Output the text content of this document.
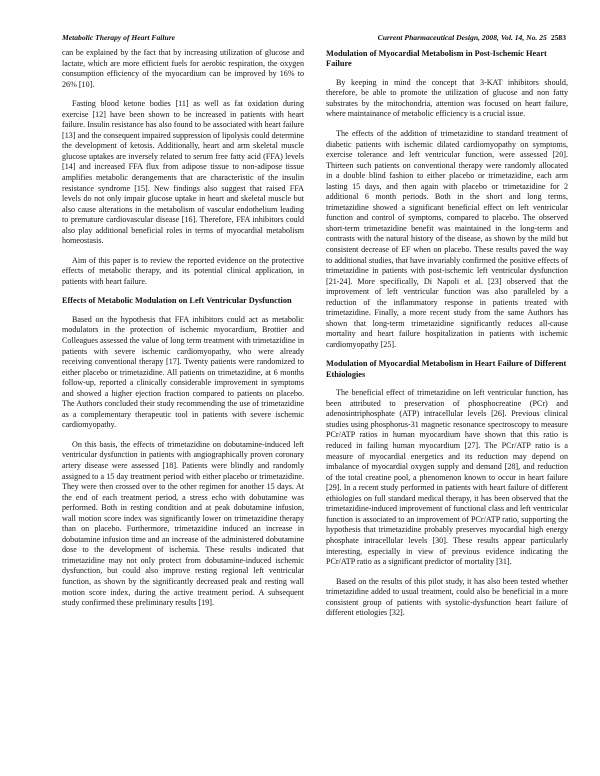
Metabolic Therapy of Heart Failure	Current Pharmaceutical Design, 2008, Vol. 14, No. 25 2583

can be explained by the fact that by increasing utilization of glucose and lactate, which are more efficient fuels for aerobic respiration, the oxygen consumption efficiency of the myocardium can be improved by 16% to 26% [10].

Fasting blood ketone bodies [11] as well as fat oxidation during exercise [12] have been shown to be increased in patients with heart failure. Insulin resistance has also found to be associated with heart failure [13] and the consequent impaired suppression of lipolysis could determine the development of ketosis. Additionally, heart and arm skeletal muscle glucose uptakes are inversely related to serum free fatty acid (FFA) levels [14] and increased FFA flux from adipose tissue to non-adipose tissue amplifies metabolic derangements that are characteristic of the insulin resistance syndrome [15]. New findings also suggest that raised FFA levels do not only impair glucose uptake in heart and skeletal muscle but also cause alterations in the metabolism of vascular endothelium leading to premature cardiovascular disease [16]. Therefore, FFA inhibitors could also play additional beneficial roles in terms of myocardial metabolism homeostasis.

Aim of this paper is to review the reported evidence on the protective effects of metabolic therapy, and its potential clinical application, in patients with heart failure.

Effects of Metabolic Modulation on Left Ventricular Dysfunction

Based on the hypothesis that FFA inhibitors could act as metabolic modulators in the protection of ischemic myocardium, Brottier and Colleagues assessed the value of long term treatment with trimetazidine in patients with severe ischemic cardiomyopathy, who were already receiving conventional therapy [17]. Twenty patients were randomized to either placebo or trimetazidine. All patients on trimetazidine, at 6 months follow-up, reported a clinically considerable improvement in symptoms and showed a higher ejection fraction compared to patients on placebo. The Authors concluded their study recommending the use of trimetazidine as a complementary therapeutic tool in patients with severe ischemic cardiomyopathy.

On this basis, the effects of trimetazidine on dobutamine-induced left ventricular dysfunction in patients with angiographically proven coronary artery disease were assessed [18]. Patients were blindly and randomly assigned to a 15 day treatment period with either placebo or trimetazidine. They were then crossed over to the other regimen for another 15 days. At the end of each treatment period, a stress echo with dobutamine was performed. Both in resting condition and at peak dobutamine infusion, wall motion score index was significantly lower on trimetazidine therapy than on placebo. Furthermore, trimetazidine induced an increase in dobutamine infusion time and an increase of the administered dobutamine dose to the development of ischemia. These results indicated that trimetazidine may not only protect from dobutamine-induced ischemic dysfunction, but could also improve resting regional left ventricular function, as shown by the significantly decreased peak and resting wall motion score index, during the active treatment period. A subsequent study confirmed these preliminary results [19].

Modulation of Myocardial Metabolism in Post-Ischemic Heart Failure

By keeping in mind the concept that 3-KAT inhibitors should, therefore, be able to promote the utilization of glucose and non fatty substrates by the mitochondria, attention was focused on heart failure, where maintainance of metabolic efficiency is a crucial issue.

The effects of the addition of trimetazidine to standard treatment of diabetic patients with ischemic dilated cardiomyopathy on symptoms, exercise tolerance and left ventricular function, were assessed [20]. Thirteen such patients on conventional therapy were randomly allocated in a double blind fashion to either placebo or trimetazidine, each arm lasting 15 days, and then again with placebo or trimetazidine for 2 additional 6 month periods. Both in the short and long terms, trimetazidine showed a significant beneficial effect on left ventricular function and control of symptoms, compared to placebo. The observed short-term trimetazidine benefit was maintained in the long-term and contrasts with the natural history of the disease, as shown by the mild but consistent decrease of EF when on placebo. These results paved the way to additional studies, that have invariably confirmed the positive effects of trimetazidine in patients with post-ischemic left ventricular dysfunction [21-24]. More specifically, Di Napoli et al. [23] observed that the improvement of left ventricular function was also paralleled by a reduction of the inflammatory response in patients treated with trimetazidine. Finally, a more recent study from the same Authors has shown that long-term trimetazidine significantly reduces all-cause mortality and heart failure hospitalization in patients with ischemic cardiomyopathy [25].

Modulation of Myocardial Metabolism in Heart Failure of Different Ethiologies

The beneficial effect of trimetazidine on left ventricular function, has been attributed to preservation of phosphocreatine (PCr) and adenosintriphosphate (ATP) intracellular levels [26]. Previous clinical studies using phosphorus-31 magnetic resonance spectroscopy to measure PCr/ATP ratios in human myocardium have shown that this ratio is reduced in failing human myocardium [27]. The PCr/ATP ratio is a measure of myocardial energetics and its reduction may depend on imbalance of myocardial oxygen supply and demand [28], and reduction of the total creatine pool, a phenomenon known to occur in heart failure [29]. In a recent study performed in patients with heart failure of different ethiologies on full standard medical therapy, it has been observed that the trimetazidine-induced improvement of functional class and left ventricular function is associated to an improvement of PCr/ATP ratio, supporting the hypothesis that trimetazidine probably preserves myocardial high energy phosphate intracellular levels [30]. These results appear particularly interesting, especially in view of previous evidence indicating the PCr/ATP ratio as a significant predictor of mortality [31].

Based on the results of this pilot study, it has also been tested whether trimetazidine added to usual treatment, could also be beneficial in a more consistent group of patients with systolic-dysfunction heart failure of different etiologies [32].
